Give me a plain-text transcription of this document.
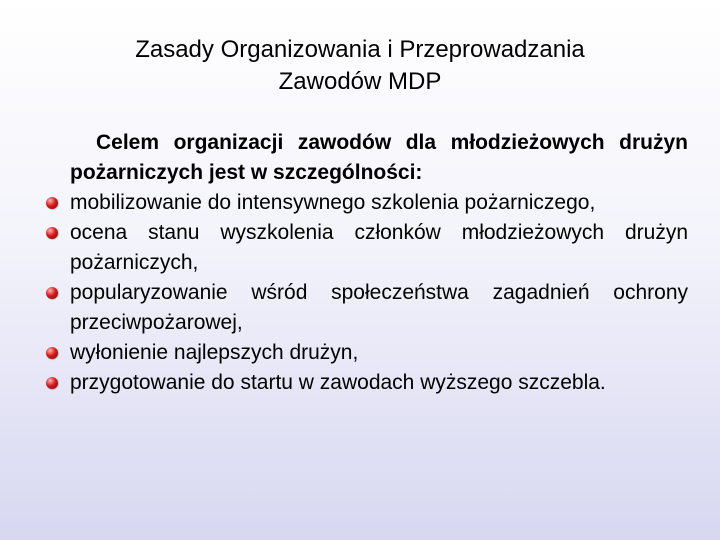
Zasady Organizowania i Przeprowadzania
Zawodów MDP
Celem organizacji zawodów dla młodzieżowych drużyn pożarniczych jest w szczególności:
mobilizowanie do intensywnego szkolenia pożarniczego,
ocena stanu wyszkolenia członków młodzieżowych drużyn pożarniczych,
popularyzowanie wśród społeczeństwa zagadnień ochrony przeciwpożarowej,
wyłonienie najlepszych drużyn,
przygotowanie do startu w zawodach wyższego szczebla.
